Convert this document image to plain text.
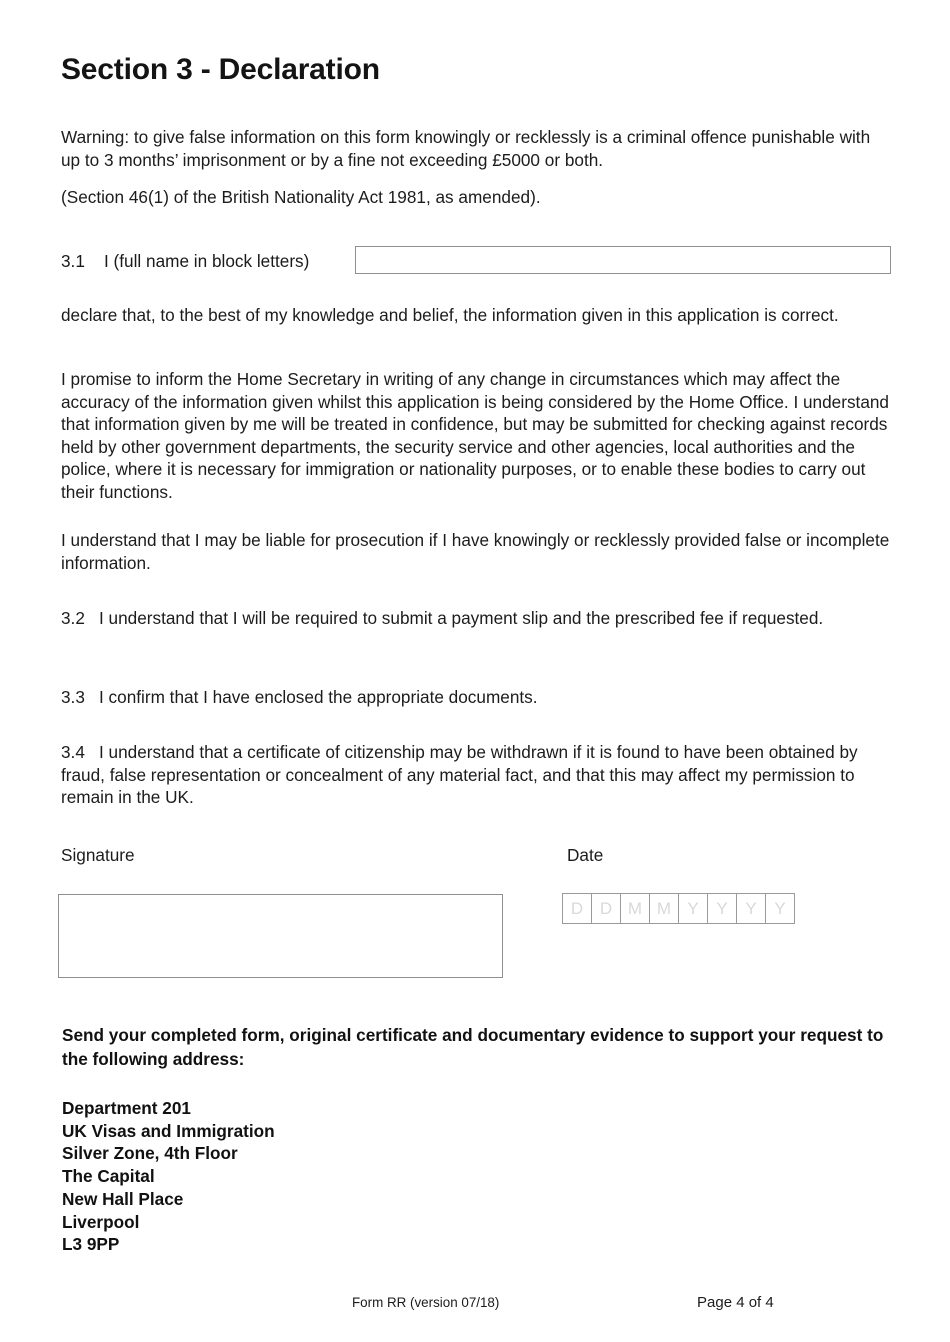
Section 3 - Declaration
Warning: to give false information on this form knowingly or recklessly is a criminal offence punishable with up to 3 months’ imprisonment or by a fine not exceeding £5000 or both.
(Section 46(1) of the British Nationality Act 1981, as amended).
3.1 I (full name in block letters)
declare that, to the best of my knowledge and belief, the information given in this application is correct.
I promise to inform the Home Secretary in writing of any change in circumstances which may affect the accuracy of the information given whilst this application is being considered by the Home Office. I understand that information given by me will be treated in confidence, but may be submitted for checking against records held by other government departments, the security service and other agencies, local authorities and the police, where it is necessary for immigration or nationality purposes, or to enable these bodies to carry out their functions.
I understand that I may be liable for prosecution if I have knowingly or recklessly provided false or incomplete information.
3.2 I understand that I will be required to submit a payment slip and the prescribed fee if requested.
3.3 I confirm that I have enclosed the appropriate documents.
3.4 I understand that a certificate of citizenship may be withdrawn if it is found to have been obtained by fraud, false representation or concealment of any material fact, and that this may affect my permission to remain in the UK.
Signature	Date
D D M M Y	Y	Y	Y
Send your completed form, original certificate and documentary evidence to support your request to the following address:
Department 201
UK Visas and Immigration
Silver Zone, 4th Floor
The Capital
New Hall Place
Liverpool
L3 9PP
Form RR (version 07/18)	Page 4 of 4
